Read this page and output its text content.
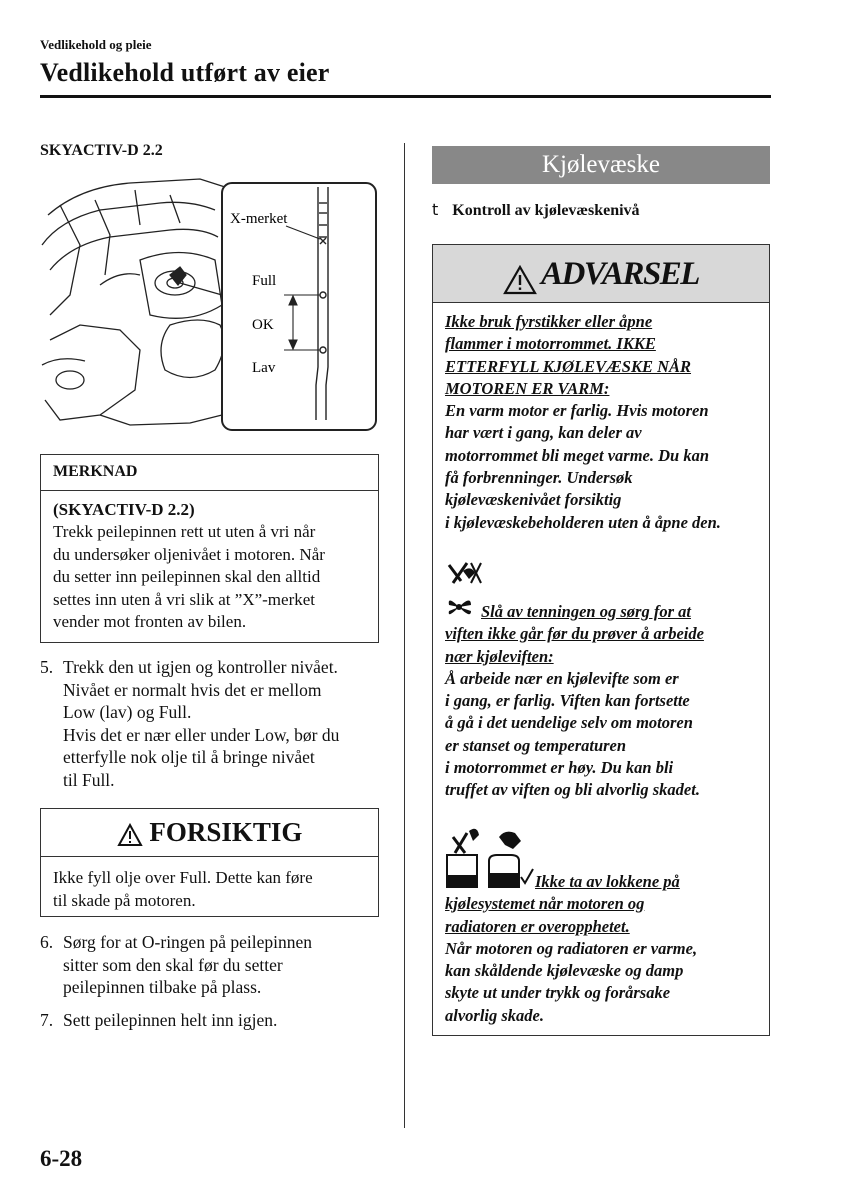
Vedlikehold og pleie
Vedlikehold utført av eier
SKYACTIV-D 2.2
X-merket
Full
OK
Lav
MERKNAD
(SKYACTIV-D 2.2)
Trekk peilepinnen rett ut uten å vri når
du undersøker oljenivået i motoren. Når
du setter inn peilepinnen skal den alltid
settes inn uten å vri slik at ”X”-merket
vender mot fronten av bilen.
5. Trekk den ut igjen og kontroller nivået.
Nivået er normalt hvis det er mellom
Low (lav) og Full.
Hvis det er nær eller under Low, bør du
etterfylle nok olje til å bringe nivået
til Full.
FORSIKTIG
Ikke fyll olje over Full. Dette kan føre
til skade på motoren.
6. Sørg for at O-ringen på peilepinnen
sitter som den skal før du setter
peilepinnen tilbake på plass.
7. Sett peilepinnen helt inn igjen.
Kjølevæske
t Kontroll av kjølevæskenivå
ADVARSEL
Ikke bruk fyrstikker eller åpne
flammer i motorrommet. IKKE
ETTERFYLL KJØLEVÆSKE NÅR
MOTOREN ER VARM:
En varm motor er farlig. Hvis motoren
har vært i gang, kan deler av
motorrommet bli meget varme. Du kan
få forbrenninger. Undersøk
kjølevæskenivået forsiktig
i kjølevæskebeholderen uten å åpne den.
Slå av tenningen og sørg for at
viften ikke går før du prøver å arbeide
nær kjøleviften:
Å arbeide nær en kjølevifte som er
i gang, er farlig. Viften kan fortsette
å gå i det uendelige selv om motoren
er stanset og temperaturen
i motorrommet er høy. Du kan bli
truffet av viften og bli alvorlig skadet.
Ikke ta av lokkene på
kjølesystemet når motoren og
radiatoren er overopphetet.
Når motoren og radiatoren er varme,
kan skåldende kjølevæske og damp
skyte ut under trykk og forårsake
alvorlig skade.
6-28
